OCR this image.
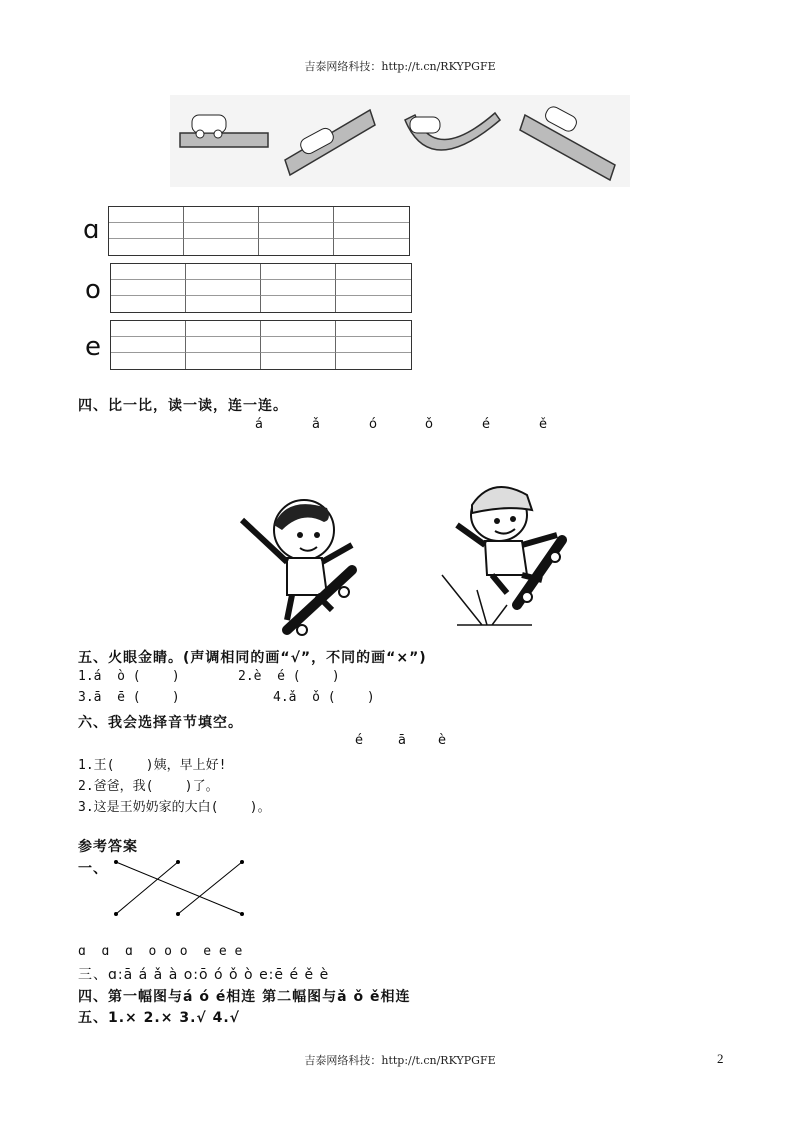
吉泰网络科技：http://t.cn/RKYPGFE
ɑ
o
e
四、比一比，读一读，连一连。
á	ǎ	ó	ǒ	é	ě
五、火眼金睛。(声调相同的画“√”，不同的画“×”)
1.á  ò (    )	2.è  é (    )
3.ā  ē (    )	4.ǎ  ǒ (    )
六、我会选择音节填空。
é	ā è
1.王(    )姨，早上好!
2.爸爸，我(    )了。
3.这是王奶奶家的大白(    )。
参考答案
一、
ɑ  ɑ  ɑ  o o o  e e e
三、ɑ:ā á ǎ à o:ō ó ǒ ò e:ē é ě è
四、第一幅图与á ó é相连 第二幅图与ǎ ǒ ě相连
五、1.× 2.× 3.√ 4.√
吉泰网络科技：http://t.cn/RKYPGFE	2
